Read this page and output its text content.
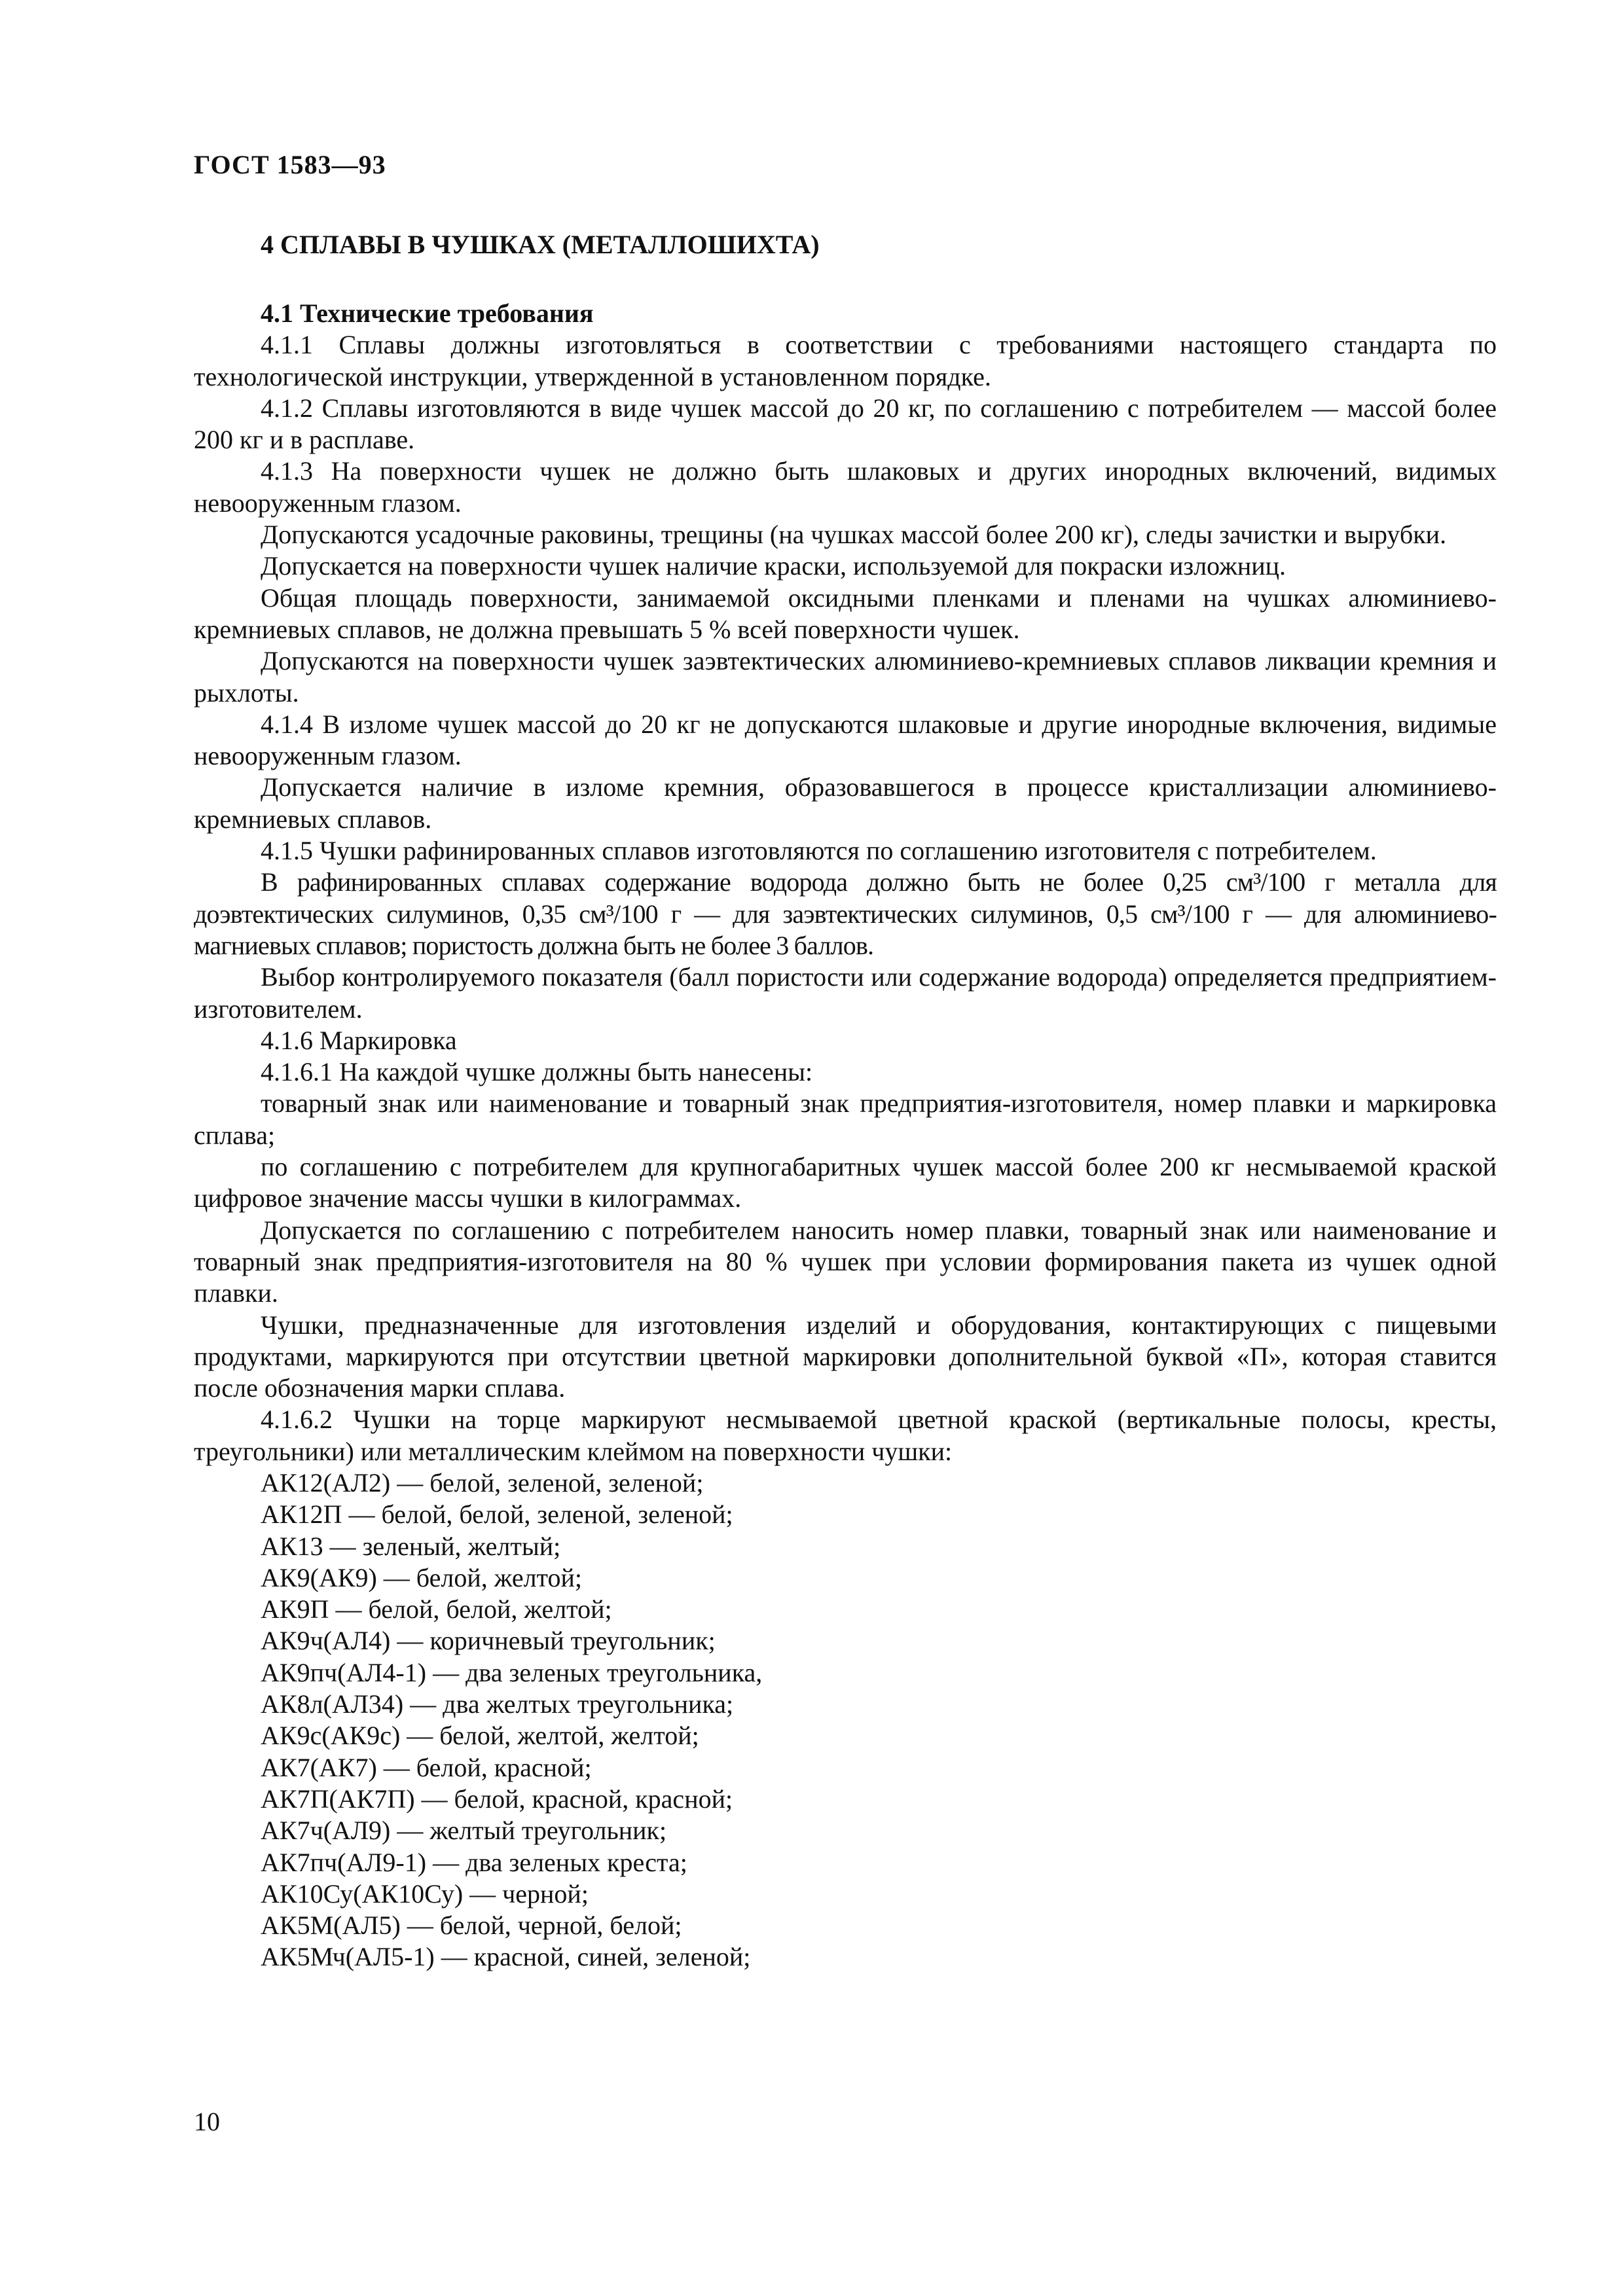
ГОСТ 1583—93
4 СПЛАВЫ В ЧУШКАХ (МЕТАЛЛОШИХТА)

4.1 Технические требования

4.1.1 Сплавы должны изготовляться в соответствии с требованиями настоящего стандарта по технологической инструкции, утвержденной в установленном порядке.

4.1.2 Сплавы изготовляются в виде чушек массой до 20 кг, по соглашению с потребителем — массой более 200 кг и в расплаве.

4.1.3 На поверхности чушек не должно быть шлаковых и других инородных включений, видимых невооруженным глазом.

Допускаются усадочные раковины, трещины (на чушках массой более 200 кг), следы зачистки и вырубки.

Допускается на поверхности чушек наличие краски, используемой для покраски изложниц.

Общая площадь поверхности, занимаемой оксидными пленками и пленами на чушках алюминиево-кремниевых сплавов, не должна превышать 5 % всей поверхности чушек.

Допускаются на поверхности чушек заэвтектических алюминиево-кремниевых сплавов ликвации кремния и рыхлоты.

4.1.4 В изломе чушек массой до 20 кг не допускаются шлаковые и другие инородные включения, видимые невооруженным глазом.

Допускается наличие в изломе кремния, образовавшегося в процессе кристаллизации алюминиево-кремниевых сплавов.

4.1.5 Чушки рафинированных сплавов изготовляются по соглашению изготовителя с потребителем.

В рафинированных сплавах содержание водорода должно быть не более 0,25 см³/100 г металла для доэвтектических силуминов, 0,35 см³/100 г — для заэвтектических силуминов, 0,5 см³/100 г — для алюминиево-магниевых сплавов; пористость должна быть не более 3 баллов.

Выбор контролируемого показателя (балл пористости или содержание водорода) определяется предприятием-изготовителем.

4.1.6 Маркировка

4.1.6.1 На каждой чушке должны быть нанесены:

товарный знак или наименование и товарный знак предприятия-изготовителя, номер плавки и маркировка сплава;

по соглашению с потребителем для крупногабаритных чушек массой более 200 кг несмываемой краской цифровое значение массы чушки в килограммах.

Допускается по соглашению с потребителем наносить номер плавки, товарный знак или наименование и товарный знак предприятия-изготовителя на 80 % чушек при условии формирования пакета из чушек одной плавки.

Чушки, предназначенные для изготовления изделий и оборудования, контактирующих с пищевыми продуктами, маркируются при отсутствии цветной маркировки дополнительной буквой «П», которая ставится после обозначения марки сплава.

4.1.6.2 Чушки на торце маркируют несмываемой цветной краской (вертикальные полосы, кресты, треугольники) или металлическим клеймом на поверхности чушки:

АК12(АЛ2) — белой, зеленой, зеленой;

АК12П — белой, белой, зеленой, зеленой;

АК13 — зеленый, желтый;

АК9(АК9) — белой, желтой;

АК9П — белой, белой, желтой;

АК9ч(АЛ4) — коричневый треугольник;

АК9пч(АЛ4-1) — два зеленых треугольника,

АК8л(АЛ34) — два желтых треугольника;

АК9с(АК9с) — белой, желтой, желтой;

АК7(АК7) — белой, красной;

АК7П(АК7П) — белой, красной, красной;

АК7ч(АЛ9) — желтый треугольник;

АК7пч(АЛ9-1) — два зеленых креста;

АК10Су(АК10Су) — черной;

АК5М(АЛ5) — белой, черной, белой;

АК5Мч(АЛ5-1) — красной, синей, зеленой;

10
